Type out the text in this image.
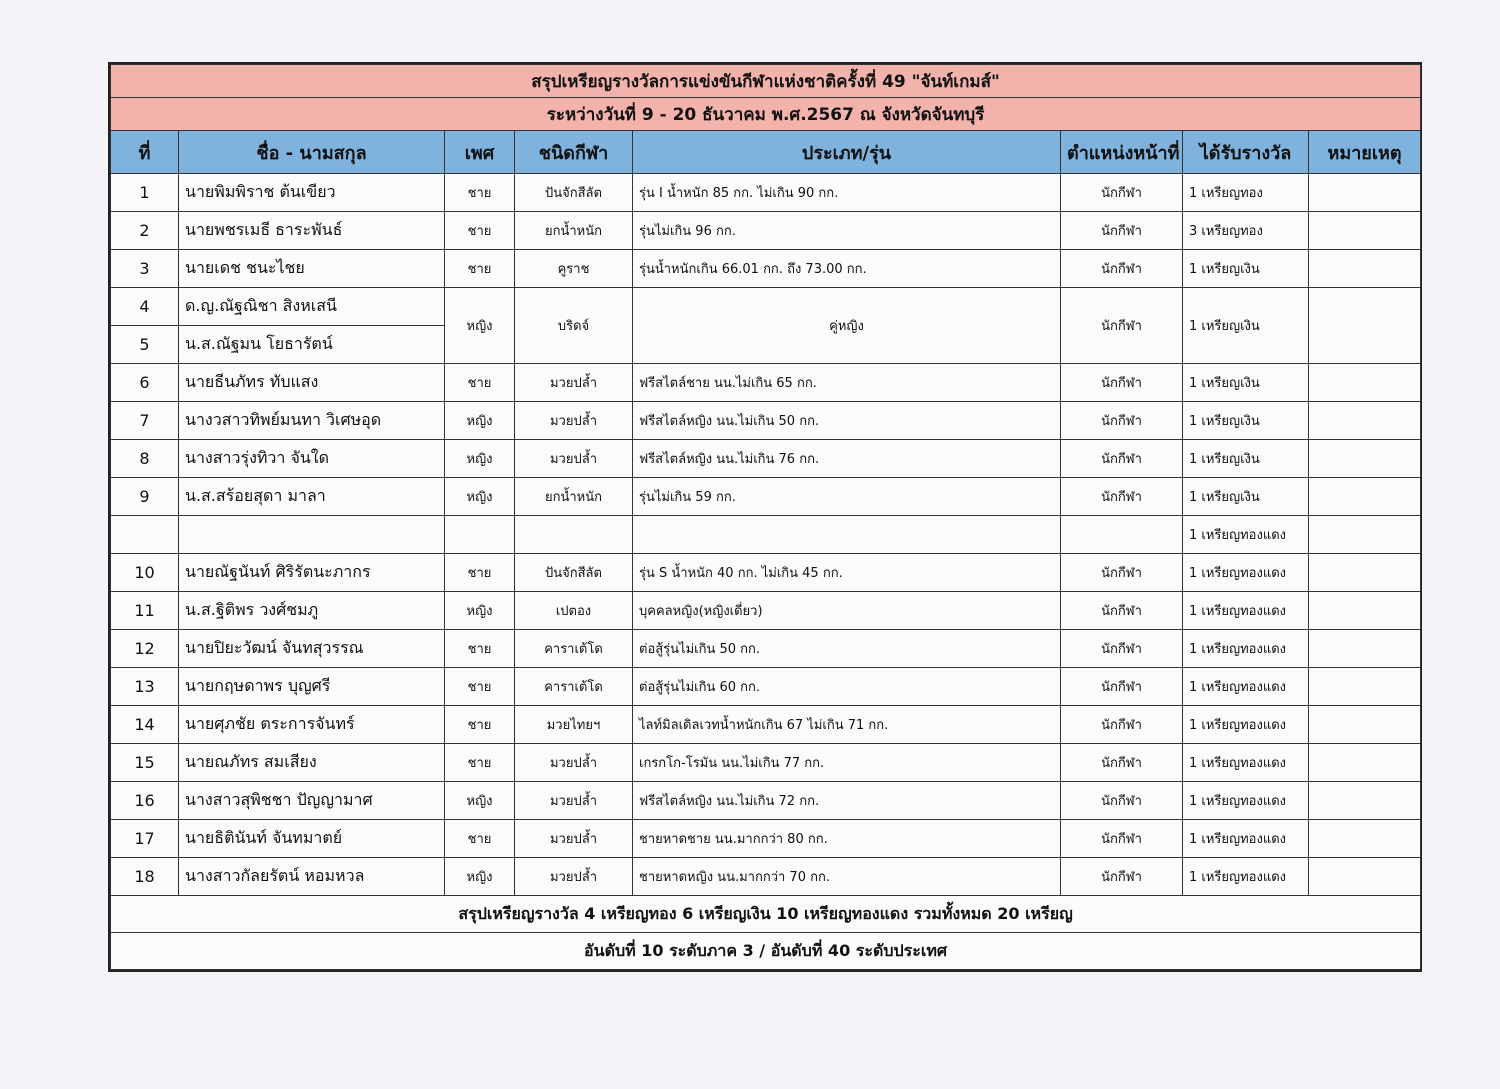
สรุปเหรียญรางวัลการแข่งขันกีฬาแห่งชาติครั้งที่ 49 "จันท์เกมส์"							
ระหว่างวันที่ 9 - 20 ธันวาคม พ.ศ.2567 ณ จังหวัดจันทบุรี							
ที่	ชื่อ - นามสกุล	เพศ	ชนิดกีฬา	ประเภท/รุ่น	ตำแหน่งหน้าที่	ได้รับรางวัล	หมายเหตุ
1	นายพิมพิราช ต้นเขียว	ชาย	ปันจักสีลัต	รุ่น I น้ำหนัก 85 กก. ไม่เกิน 90 กก.	นักกีฬา	1 เหรียญทอง	
2	นายพชรเมธี ธาระพันธ์	ชาย	ยกน้ำหนัก	รุ่นไม่เกิน 96 กก.	นักกีฬา	3 เหรียญทอง	
3	นายเดช ชนะไชย	ชาย	คูราช	รุ่นน้ำหนักเกิน 66.01 กก. ถึง 73.00 กก.	นักกีฬา	1 เหรียญเงิน	
4	ด.ญ.ณัฐณิชา สิงหเสนี	หญิง	บริดจ์	คู่หญิง	นักกีฬา	1 เหรียญเงิน	
5	น.ส.ณัฐมน โยธารัตน์						
6	นายธีนภัทร ทับแสง	ชาย	มวยปล้ำ	ฟรีสไตล์ชาย นน.ไม่เกิน 65 กก.	นักกีฬา	1 เหรียญเงิน	
7	นางวสาวทิพย์มนทา วิเศษอุด	หญิง	มวยปล้ำ	ฟรีสไตล์หญิง นน.ไม่เกิน 50 กก.	นักกีฬา	1 เหรียญเงิน	
8	นางสาวรุ่งทิวา จันใด	หญิง	มวยปล้ำ	ฟรีสไตล์หญิง นน.ไม่เกิน 76 กก.	นักกีฬา	1 เหรียญเงิน	
9	น.ส.สร้อยสุดา มาลา	หญิง	ยกน้ำหนัก	รุ่นไม่เกิน 59 กก.	นักกีฬา	1 เหรียญเงิน	
						1 เหรียญทองแดง	
10	นายณัฐนันท์ ศิริรัตนะภากร	ชาย	ปันจักสีลัต	รุ่น S น้ำหนัก 40 กก. ไม่เกิน 45 กก.	นักกีฬา	1 เหรียญทองแดง	
11	น.ส.ฐิติพร วงศ์ชมภู	หญิง	เปตอง	บุคคลหญิง(หญิงเดี่ยว)	นักกีฬา	1 เหรียญทองแดง	
12	นายปิยะวัฒน์ จันทสุวรรณ	ชาย	คาราเต้โด	ต่อสู้รุ่นไม่เกิน 50 กก.	นักกีฬา	1 เหรียญทองแดง	
13	นายกฤษดาพร บุญศรี	ชาย	คาราเต้โด	ต่อสู้รุ่นไม่เกิน 60 กก.	นักกีฬา	1 เหรียญทองแดง	
14	นายศุภชัย ตระการจันทร์	ชาย	มวยไทยฯ	ไลท์มิลเดิลเวทน้ำหนักเกิน 67 ไม่เกิน 71 กก.	นักกีฬา	1 เหรียญทองแดง	
15	นายณภัทร สมเสียง	ชาย	มวยปล้ำ	เกรกโก-โรมัน นน.ไม่เกิน 77 กก.	นักกีฬา	1 เหรียญทองแดง	
16	นางสาวสุพิชชา ปัญญามาศ	หญิง	มวยปล้ำ	ฟรีสไตล์หญิง นน.ไม่เกิน 72 กก.	นักกีฬา	1 เหรียญทองแดง	
17	นายธิตินันท์ จันทมาตย์	ชาย	มวยปล้ำ	ชายหาดชาย นน.มากกว่า 80 กก.	นักกีฬา	1 เหรียญทองแดง	
18	นางสาวกัลยรัตน์ หอมหวล	หญิง	มวยปล้ำ	ชายหาดหญิง นน.มากกว่า 70 กก.	นักกีฬา	1 เหรียญทองแดง	
สรุปเหรียญรางวัล 4 เหรียญทอง 6 เหรียญเงิน 10 เหรียญทองแดง รวมทั้งหมด 20 เหรียญ							
อันดับที่ 10 ระดับภาค 3 / อันดับที่ 40 ระดับประเทศ							
